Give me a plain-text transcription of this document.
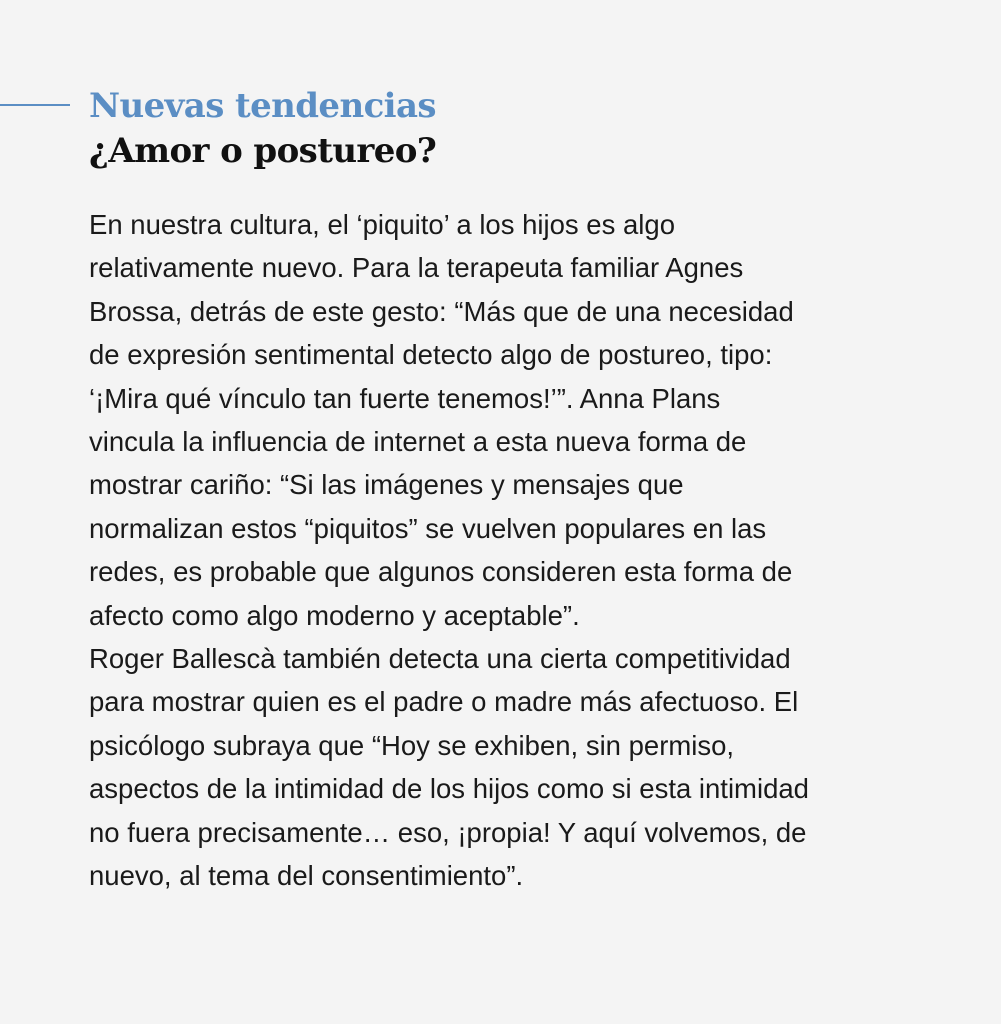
Nuevas tendencias
¿Amor o postureo?

En nuestra cultura, el ‘piquito’ a los hijos es algo
relativamente nuevo. Para la terapeuta familiar Agnes
Brossa, detrás de este gesto: “Más que de una necesidad
de expresión sentimental detecto algo de postureo, tipo:
‘¡Mira qué vínculo tan fuerte tenemos!’”. Anna Plans
vincula la influencia de internet a esta nueva forma de
mostrar cariño: “Si las imágenes y mensajes que
normalizan estos “piquitos” se vuelven populares en las
redes, es probable que algunos consideren esta forma de
afecto como algo moderno y aceptable”.
Roger Ballescà también detecta una cierta competitividad
para mostrar quien es el padre o madre más afectuoso. El
psicólogo subraya que “Hoy se exhiben, sin permiso,
aspectos de la intimidad de los hijos como si esta intimidad
no fuera precisamente… eso, ¡propia! Y aquí volvemos, de
nuevo, al tema del consentimiento”.
